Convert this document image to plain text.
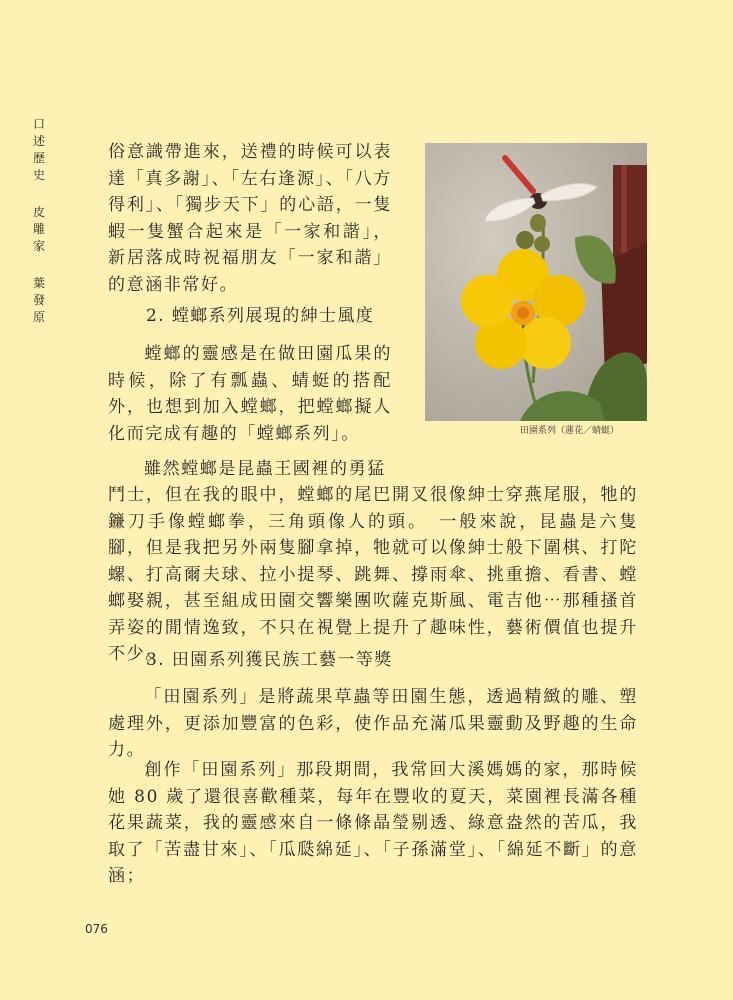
口
述
歷
史
皮
雕
家
葉
發
原

俗意識帶進來，送禮的時候可以表達「真多謝」、「左右逢源」、「八方得利」、「獨步天下」的心語，一隻蝦一隻蟹合起來是「一家和諧」，新居落成時祝福朋友「一家和諧」的意涵非常好。

2. 螳螂系列展現的紳士風度

螳螂的靈感是在做田園瓜果的時候，除了有瓢蟲、蜻蜓的搭配外，也想到加入螳螂，把螳螂擬人化而完成有趣的「螳螂系列」。	田園系列（蓮花／蜻蜓）

雖然螳螂是昆蟲王國裡的勇猛

鬥士，但在我的眼中，螳螂的尾巴開叉很像紳士穿燕尾服，牠的鐮刀手像螳螂拳，三角頭像人的頭。　一般來說，昆蟲是六隻腳，但是我把另外兩隻腳拿掉，牠就可以像紳士般下圍棋、打陀螺、打高爾夫球、拉小提琴、跳舞、撐雨傘、挑重擔、看書、螳螂娶親，甚至組成田園交響樂團吹薩克斯風、電吉他⋯那種搔首弄姿的閒情逸致，不只在視覺上提升了趣味性，藝術價值也提升不少。

3. 田園系列獲民族工藝一等獎

「田園系列」是將蔬果草蟲等田園生態，透過精緻的雕、塑處理外，更添加豐富的色彩，使作品充滿瓜果靈動及野趣的生命力。

創作「田園系列」那段期間，我常回大溪媽媽的家，那時候她 80 歲了還很喜歡種菜，每年在豐收的夏天，菜園裡長滿各種花果蔬菜，我的靈感來自一條條晶瑩剔透、綠意盎然的苦瓜，我取了「苦盡甘來」、「瓜瓞綿延」、「子孫滿堂」、「綿延不斷」的意涵；

076
